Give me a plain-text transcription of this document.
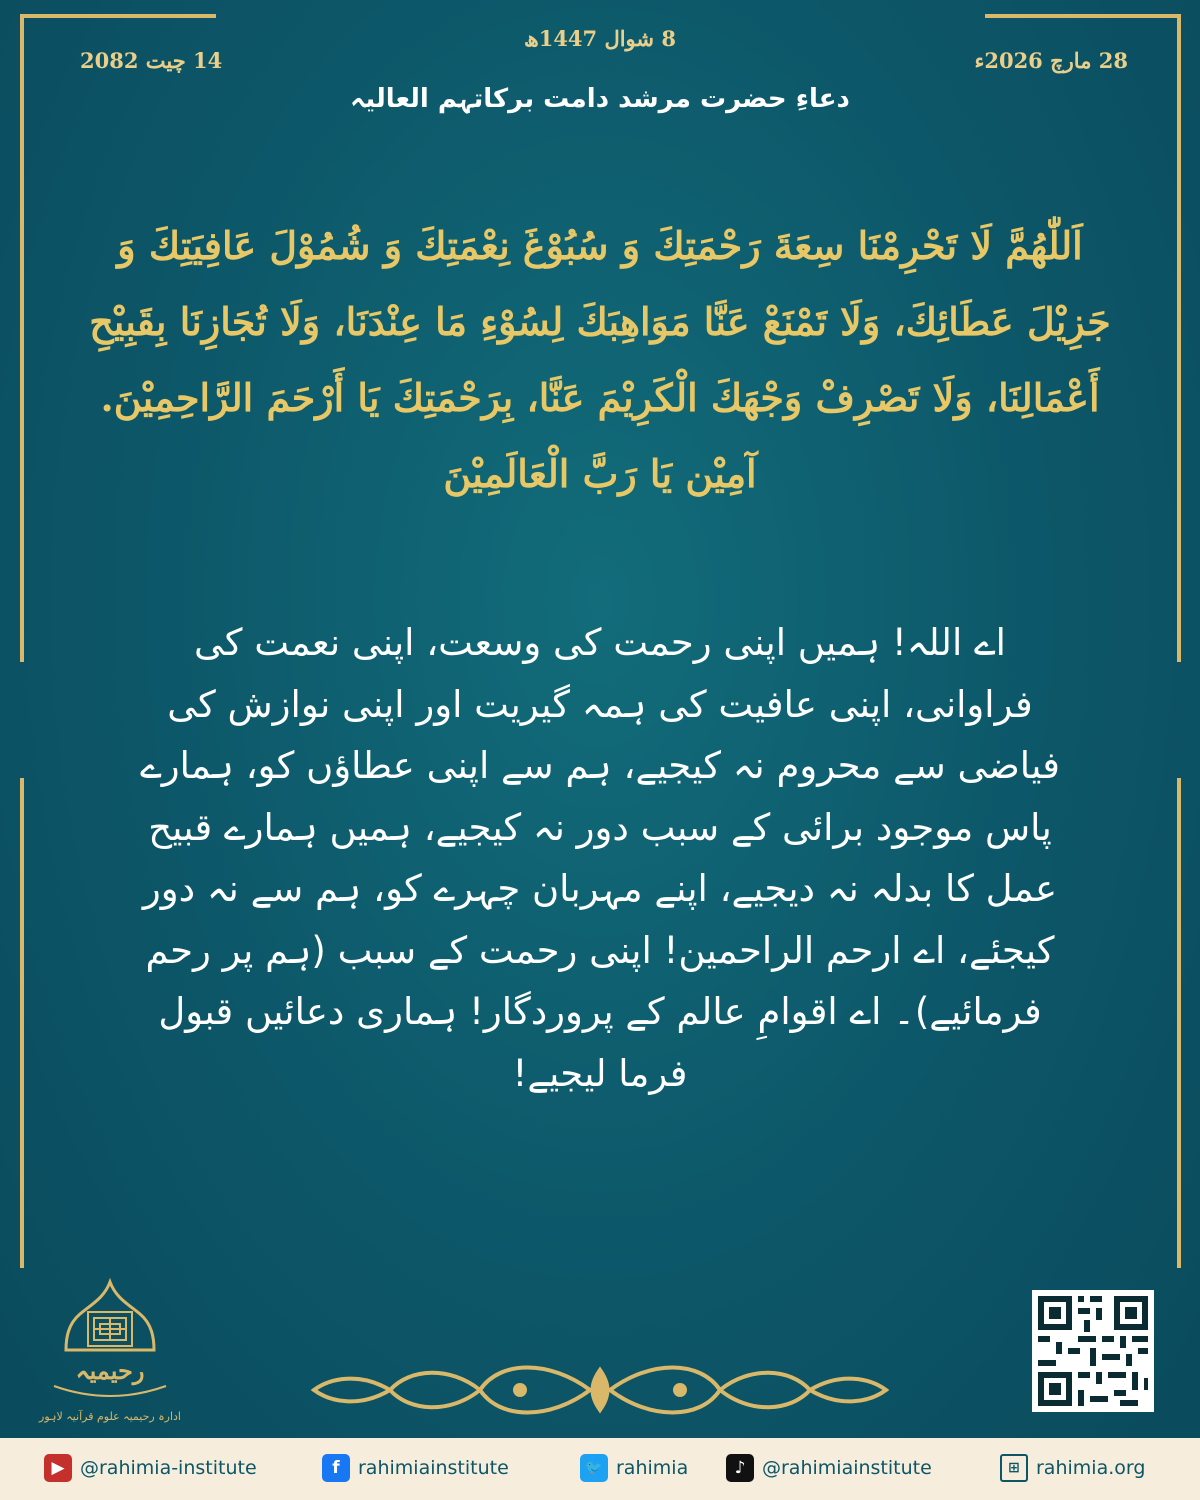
28 مارچ 2026ء
8 شوال 1447ھ
14 چیت 2082
دعاءِ حضرت مرشد دامت برکاتہم العالیہ
اَللّٰهُمَّ لَا تَحْرِمْنَا سِعَةَ رَحْمَتِكَ وَ سُبُوْغَ نِعْمَتِكَ وَ شُمُوْلَ عَافِيَتِكَ وَ جَزِيْلَ عَطَائِكَ، وَلَا تَمْنَعْ عَنَّا مَوَاهِبَكَ لِسُوْءِ مَا عِنْدَنَا، وَلَا تُجَازِنَا بِقَبِيْحِ أَعْمَالِنَا، وَلَا تَصْرِفْ وَجْهَكَ الْكَرِيْمَ عَنَّا، بِرَحْمَتِكَ يَا أَرْحَمَ الرَّاحِمِيْنَ. آمِيْن يَا رَبَّ الْعَالَمِيْنَ
اے اللہ! ہمیں اپنی رحمت کی وسعت، اپنی نعمت کی فراوانی، اپنی عافیت کی ہمہ گیریت اور اپنی نوازش کی فیاضی سے محروم نہ کیجیے، ہم سے اپنی عطاؤں کو، ہمارے پاس موجود برائی کے سبب دور نہ کیجیے، ہمیں ہمارے قبیح عمل کا بدلہ نہ دیجیے، اپنے مہربان چہرے کو، ہم سے نہ دور کیجئے، اے ارحم الراحمین! اپنی رحمت کے سبب (ہم پر رحم فرمائیے)۔ اے اقوامِ عالم کے پروردگار! ہماری دعائیں قبول فرما لیجیے!
رحیمیہ
ادارہ رحیمیہ علوم قرآنیہ لاہور
▶ @rahimia-institute	f rahimiainstitute	🐦 rahimia	♪ @rahimiainstitute	⊞ rahimia.org
